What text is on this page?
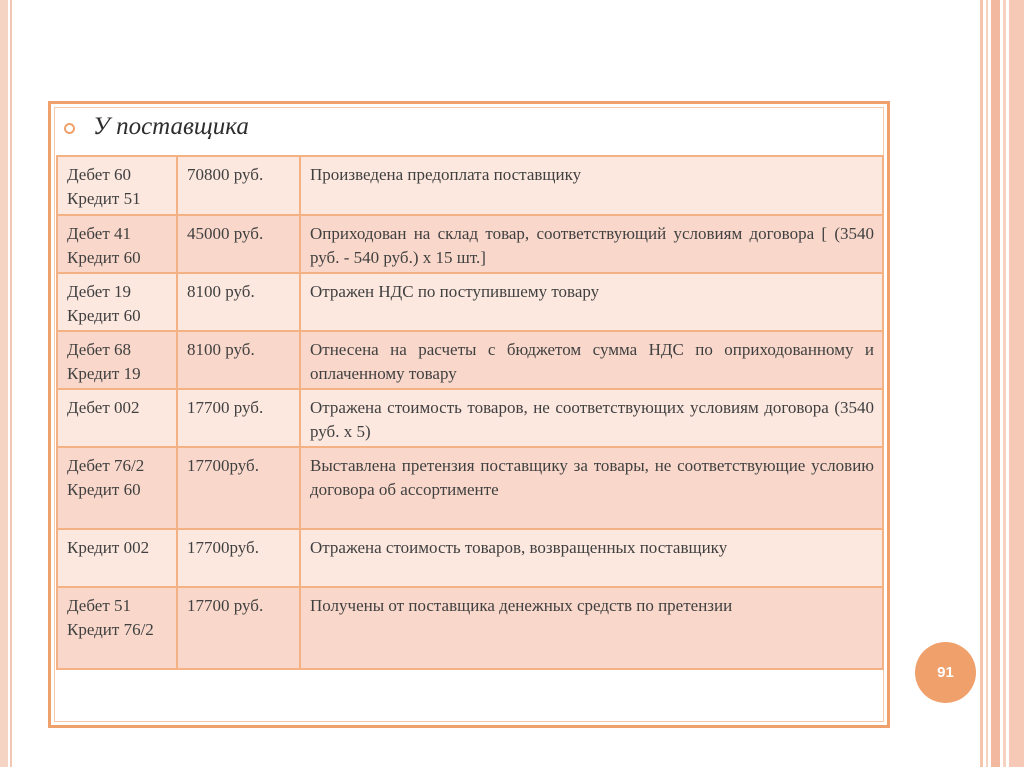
У поставщика
Дебет 60 Кредит 51	70800 руб.	Произведена предоплата поставщику
Дебет 41 Кредит 60	45000 руб.	Оприходован на склад товар, соответствующий условиям договора [ (3540 руб. - 540 руб.) х 15 шт.]
Дебет 19 Кредит 60	8100 руб.	Отражен НДС по поступившему товару
Дебет 68 Кредит 19	8100 руб.	Отнесена на расчеты с бюджетом сумма НДС по оприходованному и оплаченному товару
Дебет 002	17700 руб.	Отражена стоимость товаров, не соответствующих условиям договора (3540 руб. х 5)
Дебет 76/2 Кредит 60	17700руб.	Выставлена претензия поставщику за товары, не соответствующие условию договора об ассортименте
Кредит 002	17700руб.	Отражена стоимость товаров, возвращенных поставщику
Дебет 51 Кредит 76/2	17700 руб.	Получены от поставщика денежных средств по претензии
91
